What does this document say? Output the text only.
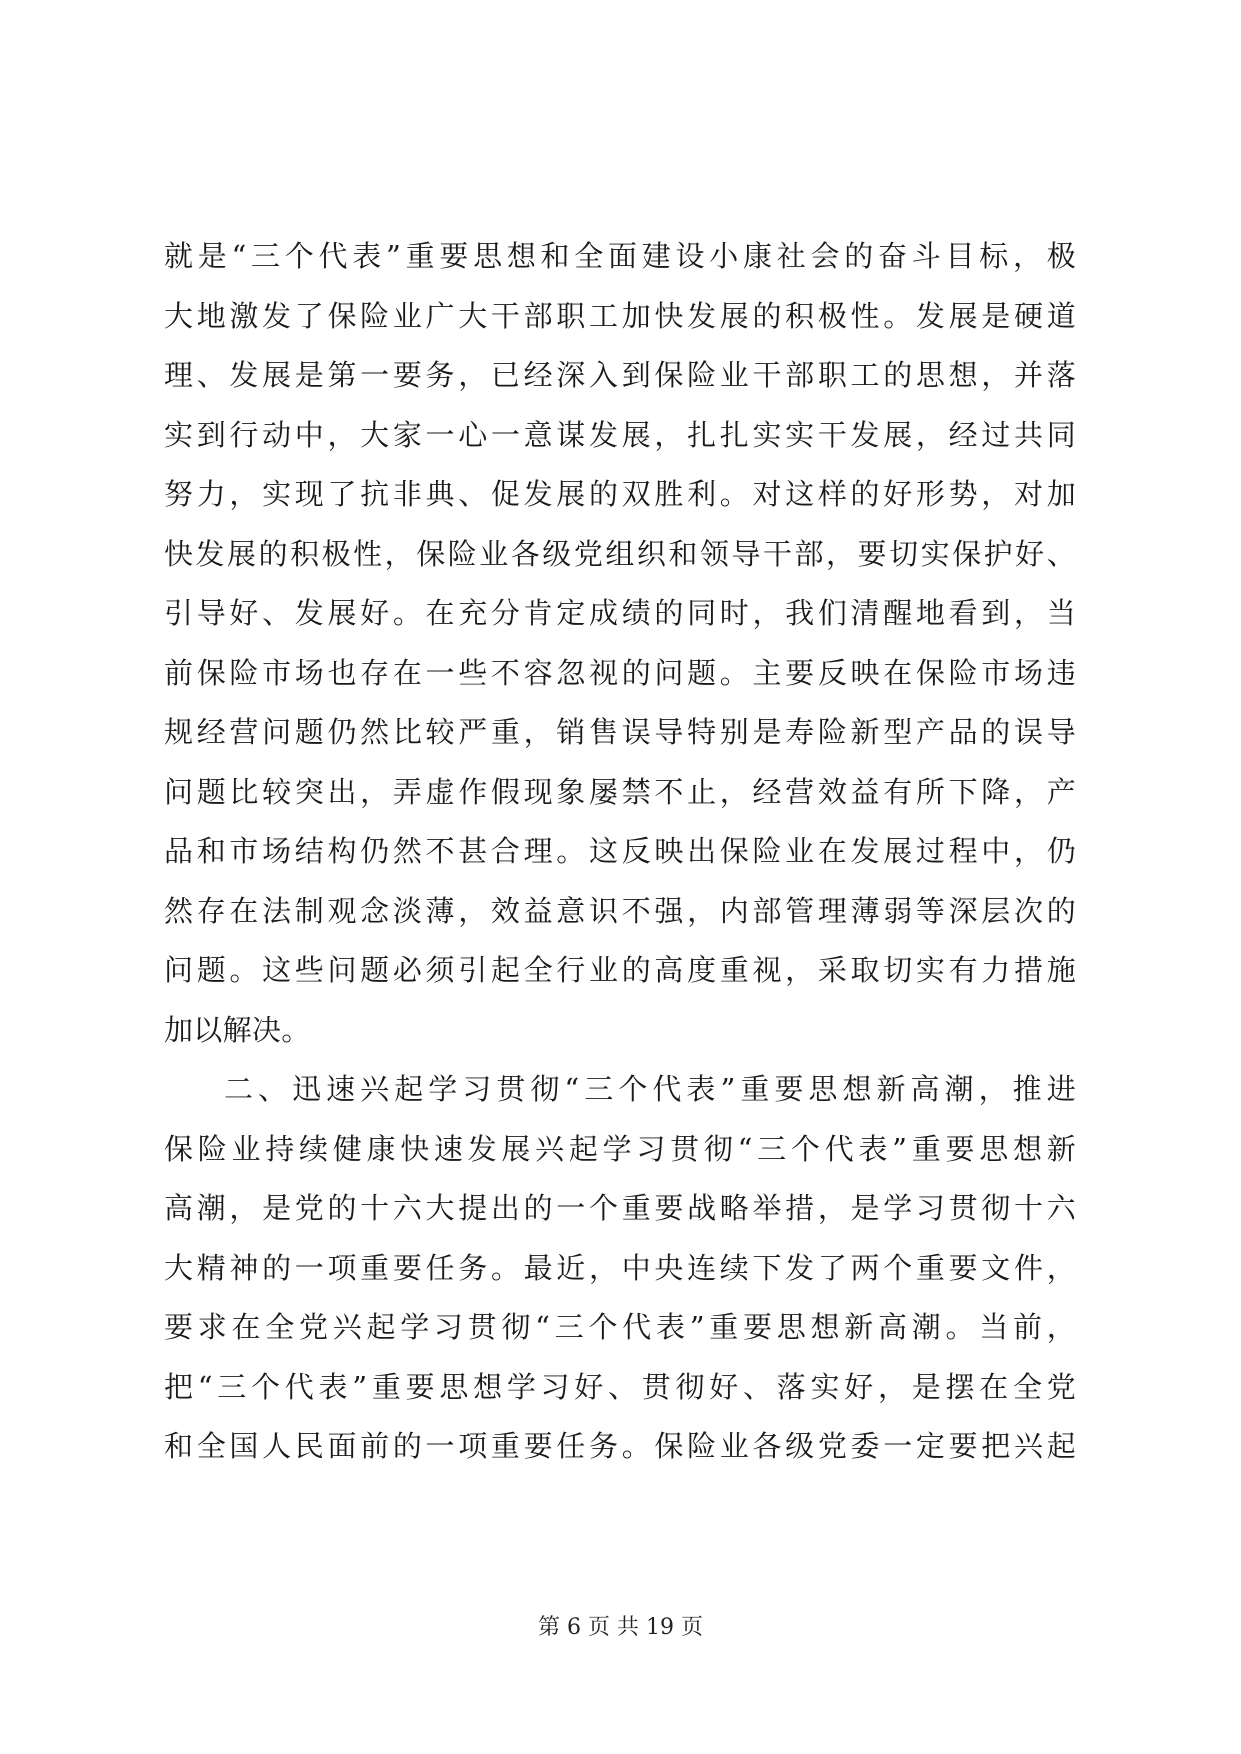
就是“三个代表”重要思想和全面建设小康社会的奋斗目标，极
大地激发了保险业广大干部职工加快发展的积极性。发展是硬道
理、发展是第一要务，已经深入到保险业干部职工的思想，并落
实到行动中，大家一心一意谋发展，扎扎实实干发展，经过共同
努力，实现了抗非典、促发展的双胜利。对这样的好形势，对加
快发展的积极性，保险业各级党组织和领导干部，要切实保护好、
引导好、发展好。在充分肯定成绩的同时，我们清醒地看到，当
前保险市场也存在一些不容忽视的问题。主要反映在保险市场违
规经营问题仍然比较严重，销售误导特别是寿险新型产品的误导
问题比较突出，弄虚作假现象屡禁不止，经营效益有所下降，产
品和市场结构仍然不甚合理。这反映出保险业在发展过程中，仍
然存在法制观念淡薄，效益意识不强，内部管理薄弱等深层次的
问题。这些问题必须引起全行业的高度重视，采取切实有力措施
加以解决。
二、迅速兴起学习贯彻“三个代表”重要思想新高潮，推进
保险业持续健康快速发展兴起学习贯彻“三个代表”重要思想新
高潮，是党的十六大提出的一个重要战略举措，是学习贯彻十六
大精神的一项重要任务。最近，中央连续下发了两个重要文件，
要求在全党兴起学习贯彻“三个代表”重要思想新高潮。当前，
把“三个代表”重要思想学习好、贯彻好、落实好，是摆在全党
和全国人民面前的一项重要任务。保险业各级党委一定要把兴起
第 6 页 共 19 页
